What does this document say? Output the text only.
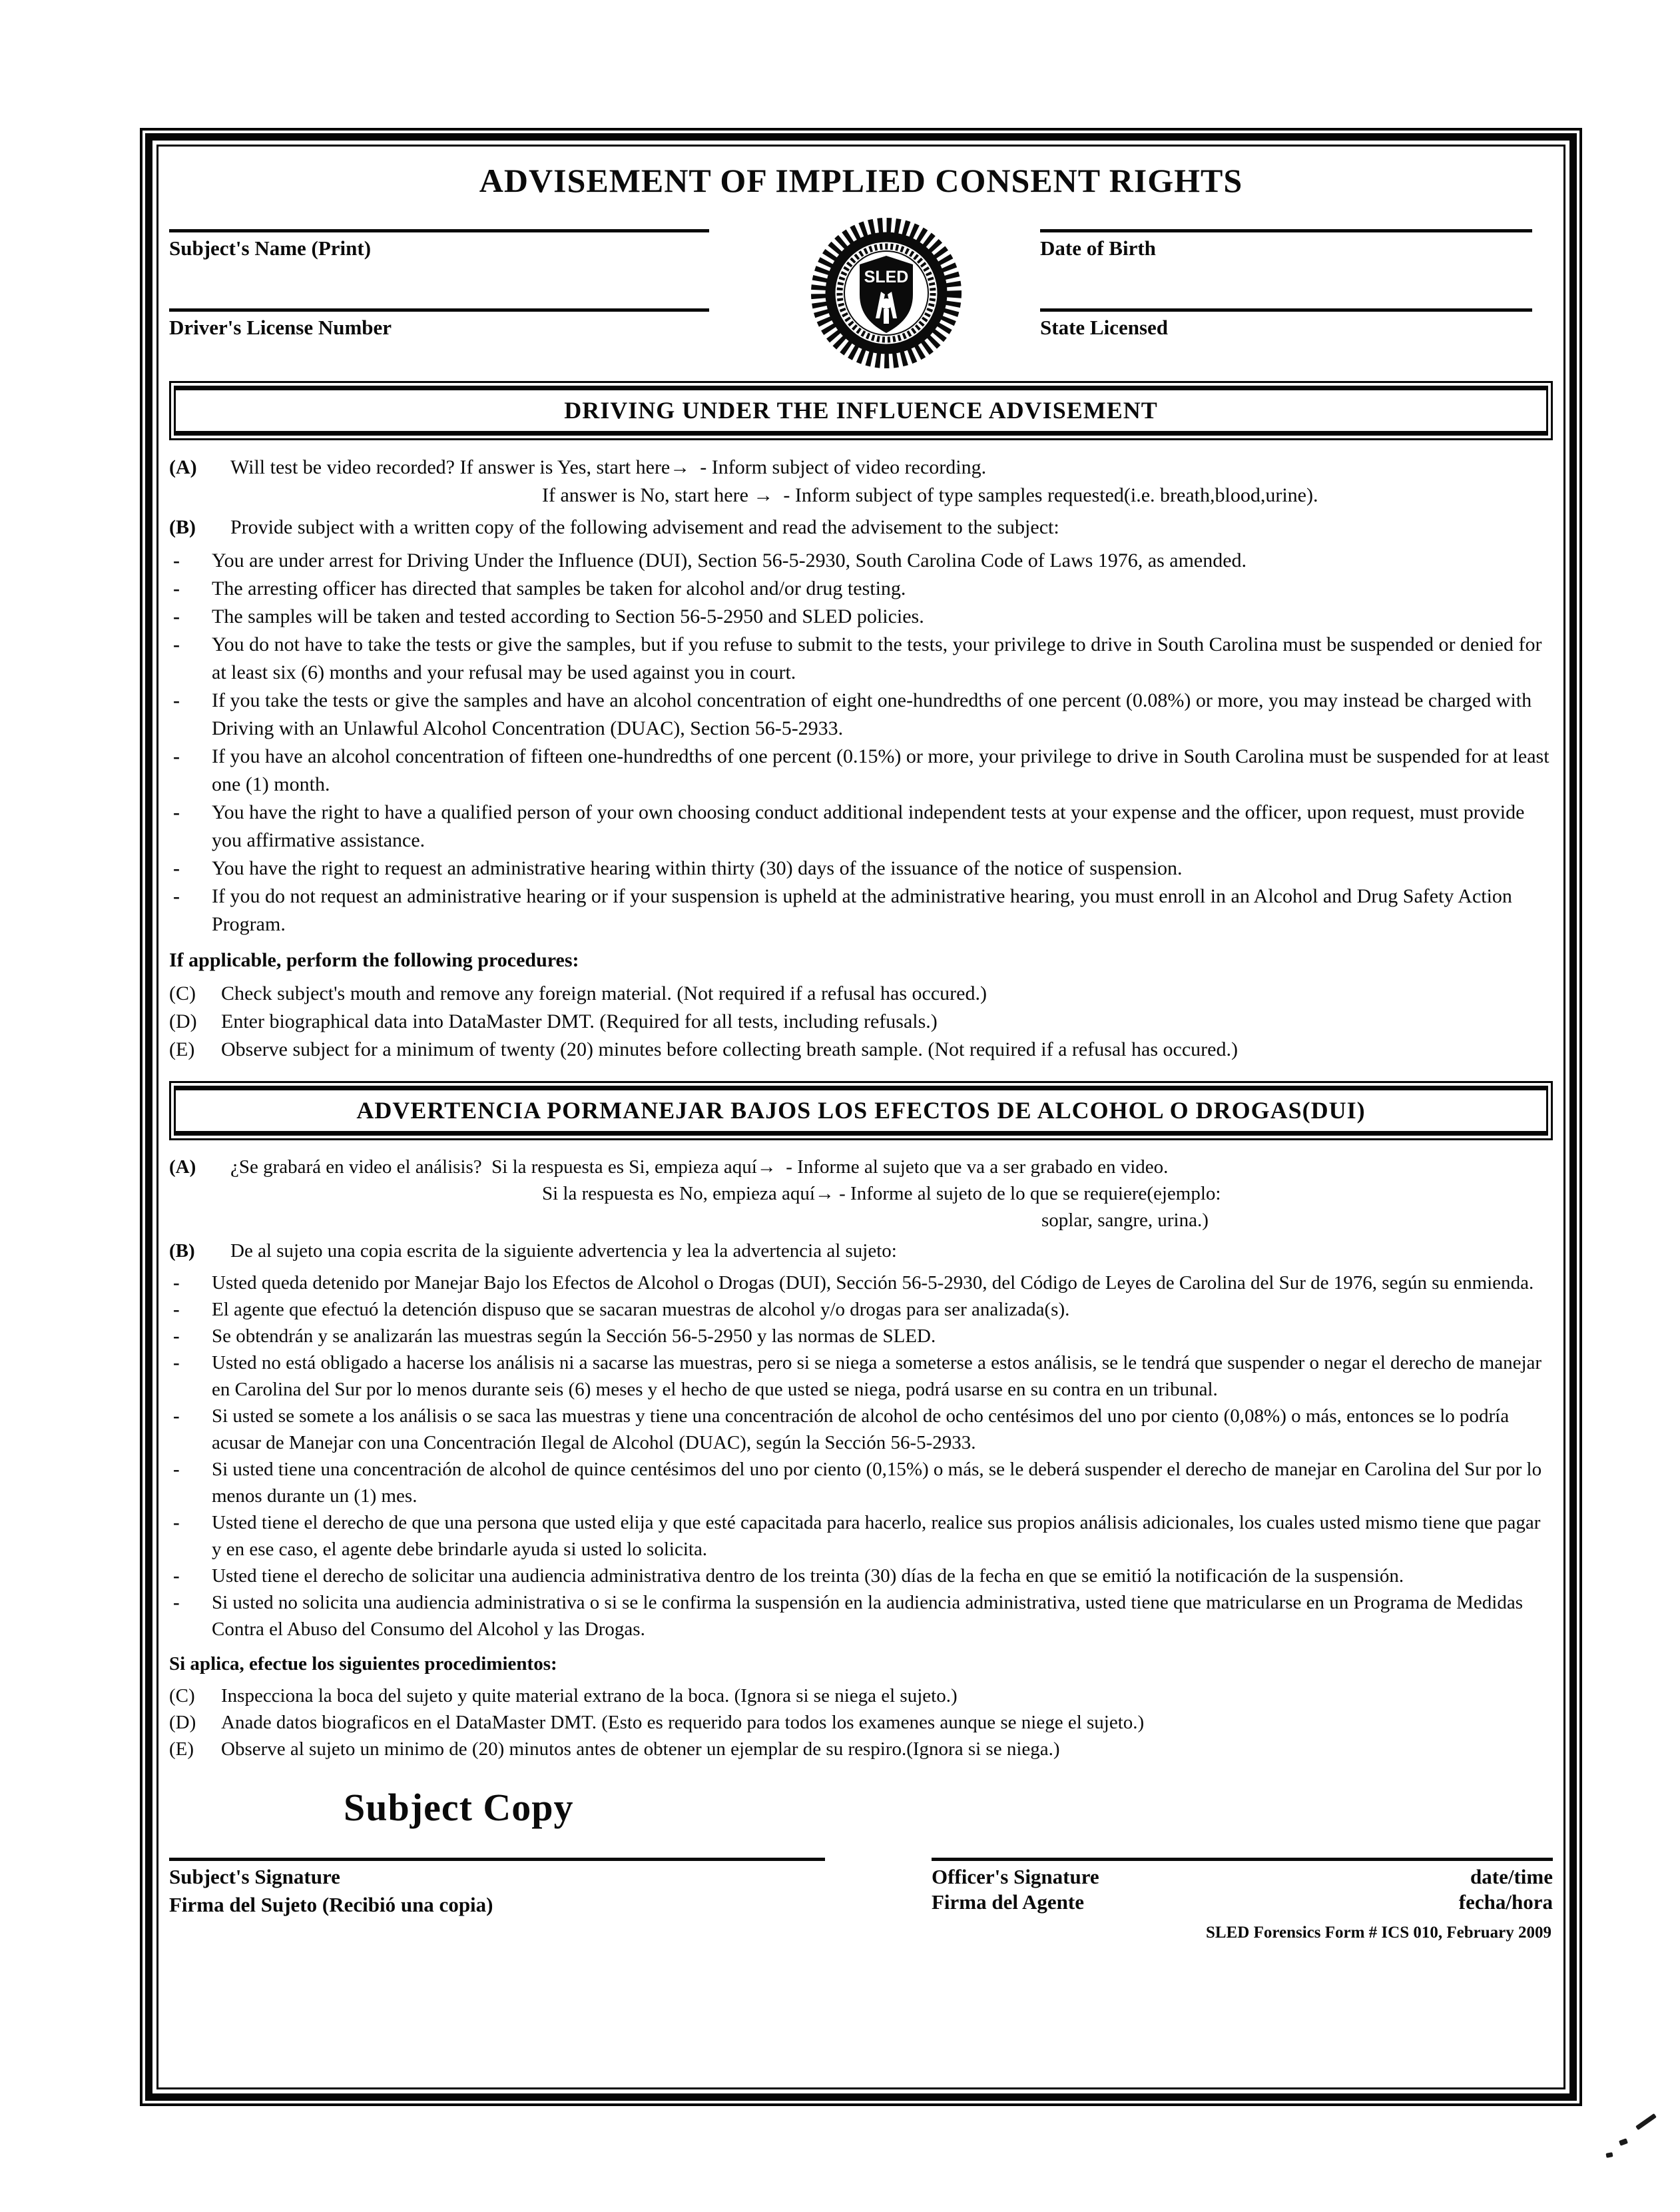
ADVISEMENT OF IMPLIED CONSENT RIGHTS
Subject's Name (Print)
Driver's License Number
SLED
Date of Birth
State Licensed
DRIVING UNDER THE INFLUENCE ADVISEMENT
(A)	Will test be video recorded? If answer is Yes, start here→  - Inform subject of video recording.
If answer is No, start here →  - Inform subject of type samples requested(i.e. breath,blood,urine).
(B)	Provide subject with a written copy of the following advisement and read the advisement to the subject:
-	You are under arrest for Driving Under the Influence (DUI), Section 56-5-2930, South Carolina Code of Laws 1976, as amended.
-	The arresting officer has directed that samples be taken for alcohol and/or drug testing.
-	The samples will be taken and tested according to Section 56-5-2950 and SLED policies.
-	You do not have to take the tests or give the samples, but if you refuse to submit to the tests, your privilege to drive in South Carolina must be suspended or denied for at least six (6) months and your refusal may be used against you in court.
-	If you take the tests or give the samples and have an alcohol concentration of eight one-hundredths of one percent (0.08%) or more, you may instead be charged with Driving with an Unlawful Alcohol Concentration (DUAC), Section 56-5-2933.
-	If you have an alcohol concentration of fifteen one-hundredths of one percent (0.15%) or more, your privilege to drive in South Carolina must be suspended for at least one (1) month.
-	You have the right to have a qualified person of your own choosing conduct additional independent tests at your expense and the officer, upon request, must provide you affirmative assistance.
-	You have the right to request an administrative hearing within thirty (30) days of the issuance of the notice of suspension.
-	If you do not request an administrative hearing or if your suspension is upheld at the administrative hearing, you must enroll in an Alcohol and Drug Safety Action Program.
If applicable, perform the following procedures:
(C)	Check subject's mouth and remove any foreign material. (Not required if a refusal has occured.)
(D)	Enter biographical data into DataMaster DMT. (Required for all tests, including refusals.)
(E)	Observe subject for a minimum of twenty (20) minutes before collecting breath sample. (Not required if a refusal has occured.)
ADVERTENCIA PORMANEJAR BAJOS LOS EFECTOS DE ALCOHOL O DROGAS(DUI)
(A)	¿Se grabará en video el análisis?  Si la respuesta es Si, empieza aquí→  - Informe al sujeto que va a ser grabado en video.
Si la respuesta es No, empieza aquí→ - Informe al sujeto de lo que se requiere(ejemplo:
soplar, sangre, urina.)
(B)	De al sujeto una copia escrita de la siguiente advertencia y lea la advertencia al sujeto:
-	Usted queda detenido por Manejar Bajo los Efectos de Alcohol o Drogas (DUI), Sección 56-5-2930, del Código de Leyes de Carolina del Sur de 1976, según su enmienda.
-	El agente que efectuó la detención dispuso que se sacaran muestras de alcohol y/o drogas para ser analizada(s).
-	Se obtendrán y se analizarán las muestras según la Sección 56-5-2950 y las normas de SLED.
-	Usted no está obligado a hacerse los análisis ni a sacarse las muestras, pero si se niega a someterse a estos análisis, se le tendrá que suspender o negar el derecho de manejar en Carolina del Sur por lo menos durante seis (6) meses y el hecho de que usted se niega, podrá usarse en su contra en un tribunal.
-	Si usted se somete a los análisis o se saca las muestras y tiene una concentración de alcohol de ocho centésimos del uno por ciento (0,08%) o más, entonces se lo podría acusar de Manejar con una Concentración Ilegal de Alcohol (DUAC), según la Sección 56-5-2933.
-	Si usted tiene una concentración de alcohol de quince centésimos del uno por ciento (0,15%) o más, se le deberá suspender el derecho de manejar en Carolina del Sur por lo menos durante un (1) mes.
-	Usted tiene el derecho de que una persona que usted elija y que esté capacitada para hacerlo, realice sus propios análisis adicionales, los cuales usted mismo tiene que pagar y en ese caso, el agente debe brindarle ayuda si usted lo solicita.
-	Usted tiene el derecho de solicitar una audiencia administrativa dentro de los treinta (30) días de la fecha en que se emitió la notificación de la suspensión.
-	Si usted no solicita una audiencia administrativa o si se le confirma la suspensión en la audiencia administrativa, usted tiene que matricularse en un Programa de Medidas Contra el Abuso del Consumo del Alcohol y las Drogas.
Si aplica, efectue los siguientes procedimientos:
(C)	Inspecciona la boca del sujeto y quite material extrano de la boca. (Ignora si se niega el sujeto.)
(D)	Anade datos biograficos en el DataMaster DMT. (Esto es requerido para todos los examenes aunque se niege el sujeto.)
(E)	Observe al sujeto un minimo de (20) minutos antes de obtener un ejemplar de su respiro.(Ignora si se niega.)
Subject Copy
Subject's Signature
Firma del Sujeto (Recibió una copia)
Officer's Signature	date/time
Firma del Agente	fecha/hora
SLED Forensics Form # ICS 010, February 2009
